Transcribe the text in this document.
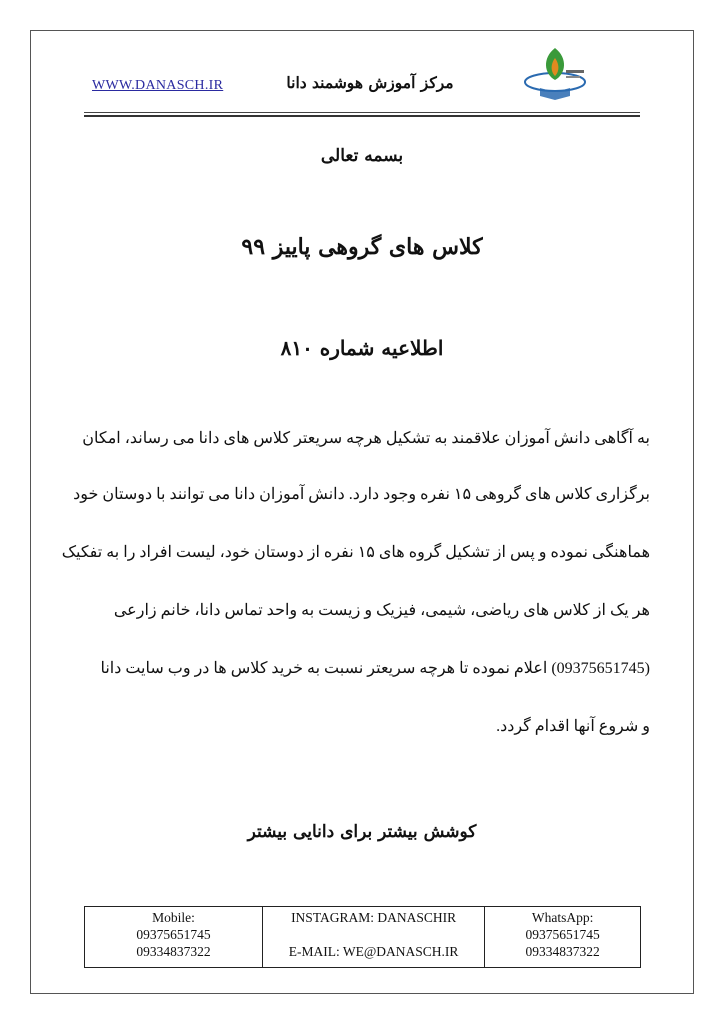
WWW.DANASCH.IR	مرکز آموزش هوشمند دانا
بسمه تعالی
کلاس های گروهی پاییز ۹۹
اطلاعیه شماره ۸۱۰
به آگاهی دانش آموزان علاقمند به تشکیل هرچه سریعتر کلاس های دانا می رساند، امکان
برگزاری کلاس های گروهی ۱۵ نفره وجود دارد. دانش آموزان دانا می توانند با دوستان خود
هماهنگی نموده و پس از تشکیل گروه های ۱۵ نفره از دوستان خود، لیست افراد را به تفکیک
هر یک از کلاس های ریاضی، شیمی، فیزیک و زیست به واحد تماس دانا، خانم زارعی
(09375651745) اعلام نموده تا هرچه سریعتر نسبت به خرید کلاس ها در وب سایت دانا
و شروع آنها اقدام گردد.
کوشش بیشتر برای دانایی بیشتر
Mobile:
09375651745
09334837322

INSTAGRAM: DANASCHIR
E-MAIL: WE@DANASCH.IR

WhatsApp:
09375651745
09334837322
